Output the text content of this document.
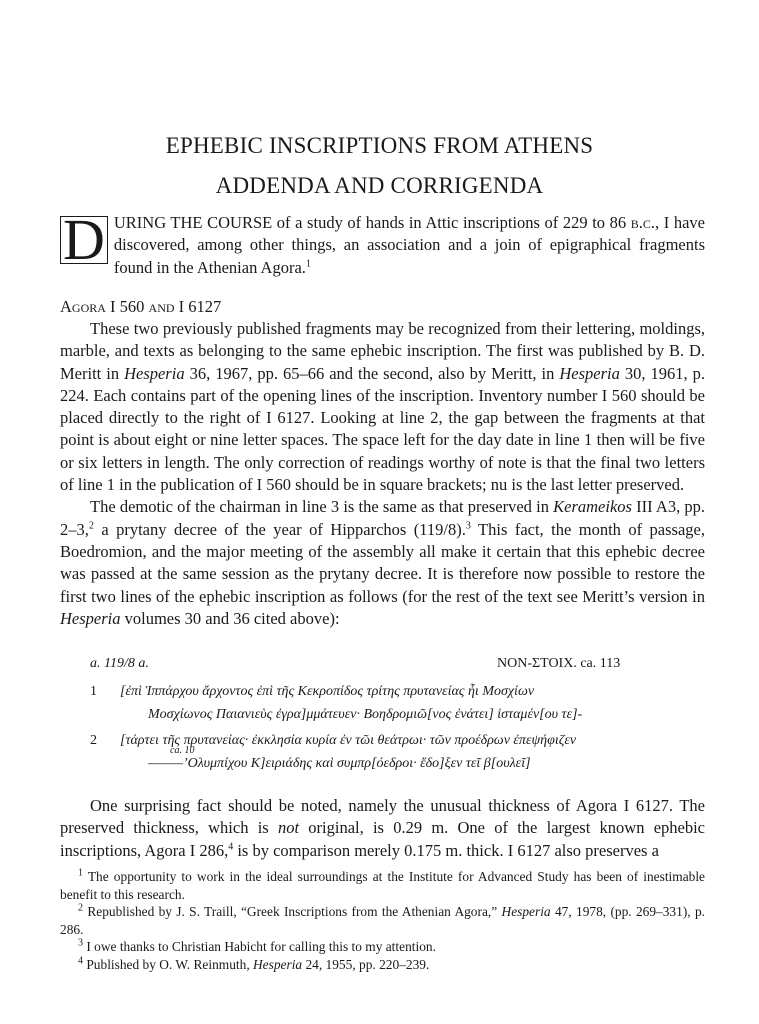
EPHEBIC INSCRIPTIONS FROM ATHENS
ADDENDA AND CORRIGENDA
D URING THE COURSE of a study of hands in Attic inscriptions of 229 to 86 b.c., I have discovered, among other things, an association and a join of epigraphical fragments found in the Athenian Agora.$^1$
Agora I 560 and I 6127

These two previously published fragments may be recognized from their lettering, moldings, marble, and texts as belonging to the same ephebic inscription. The first was published by B. D. Meritt in Hesperia 36, 1967, pp. 65–66 and the second, also by Meritt, in Hesperia 30, 1961, p. 224. Each contains part of the opening lines of the inscription. Inventory number I 560 should be placed directly to the right of I 6127. Looking at line 2, the gap between the fragments at that point is about eight or nine letter spaces. The space left for the day date in line 1 then will be five or six letters in length. The only correction of readings worthy of note is that the final two letters of line 1 in the publication of I 560 should be in square brackets; nu is the last letter preserved.

The demotic of the chairman in line 3 is the same as that preserved in Kerameikos III A3, pp. 2–3,$^2$ a prytany decree of the year of Hipparchos (119/8).$^3$ This fact, the month of passage, Boedromion, and the major meeting of the assembly all make it certain that this ephebic decree was passed at the same session as the prytany decree. It is therefore now possible to restore the first two lines of the ephebic inscription as follows (for the rest of the text see Meritt’s version in Hesperia volumes 30 and 36 cited above):

a. 119/8 a.	ΝΟΝ-ΣΤΟΙΧ. ca. 113
1 [ἐπὶ Ἱππάρχου ἄρχοντος ἐπὶ τῆς Κεκροπίδος τρίτης πρυτανείας ἧι Μοσχίων
Μοσχίωνος Παιανιεὺς ἐγρα]μμάτευεν· Βοηδρομιῶ[νος ἐνάτει] ἱσταμέν[ου τε]-
2 [τάρτει τῆς πρυτανείας· ἐκκλησία κυρία ἐν τῶι θεάτρωι· τῶν προέδρων ἐπεψήφιζεν
ca. 10
–––––’Ολυμπίχου Κ]ειριάδης καὶ συμπρ[όεδροι· ἔδο]ξεν τεῖ β[ουλεῖ]

One surprising fact should be noted, namely the unusual thickness of Agora I 6127. The preserved thickness, which is not original, is 0.29 m. One of the largest known ephebic inscriptions, Agora I 286,$^4$ is by comparison merely 0.175 m. thick. I 6127 also preserves a

$^1$ The opportunity to work in the ideal surroundings at the Institute for Advanced Study has been of inestimable benefit to this research.

$^2$ Republished by J. S. Traill, “Greek Inscriptions from the Athenian Agora,” Hesperia 47, 1978, (pp. 269–331), p. 286.

$^3$ I owe thanks to Christian Habicht for calling this to my attention.

$^4$ Published by O. W. Reinmuth, Hesperia 24, 1955, pp. 220–239.
